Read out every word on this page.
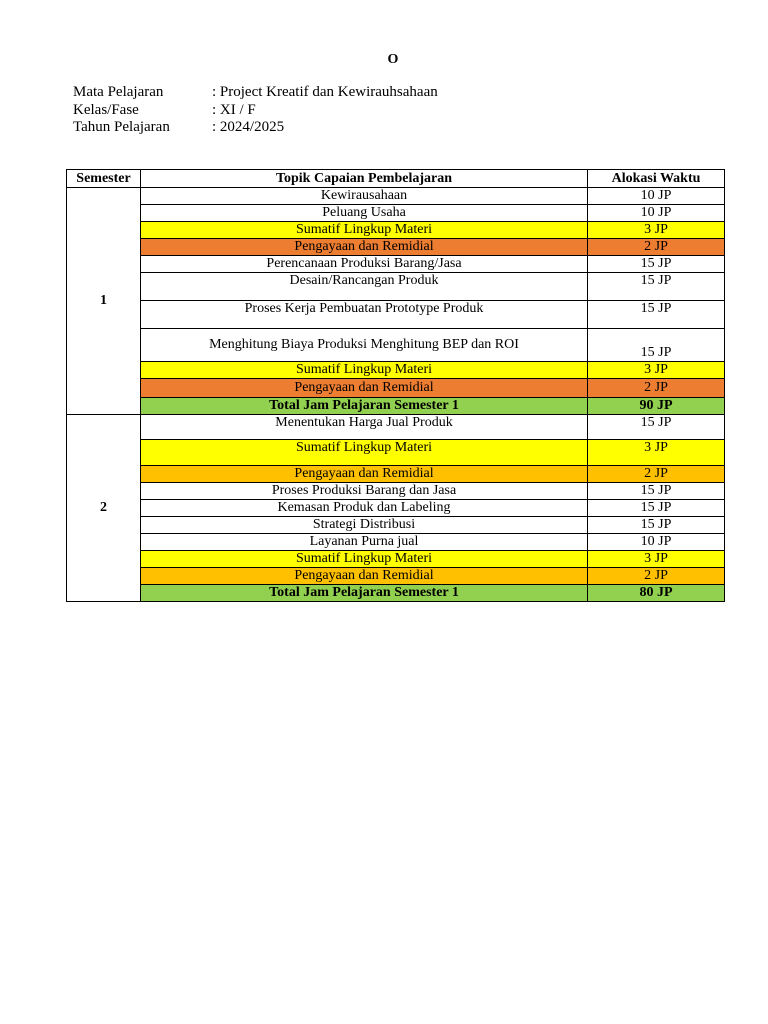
O
Mata Pelajaran	: Project Kreatif dan Kewirauhsahaan
Kelas/Fase	: XI / F
Tahun Pelajaran	: 2024/2025
Semester	Topik Capaian Pembelajaran	Alokasi Waktu
1	Kewirausahaan	10 JP
	Peluang Usaha	10 JP
	Sumatif Lingkup Materi	3 JP
	Pengayaan dan Remidial	2 JP
	Perencanaan Produksi Barang/Jasa	15 JP
	Desain/Rancangan Produk	15 JP
	Proses Kerja Pembuatan Prototype Produk	15 JP
	Menghitung Biaya Produksi Menghitung BEP dan ROI	15 JP
	Sumatif Lingkup Materi	3 JP
	Pengayaan dan Remidial	2 JP
	Total Jam Pelajaran Semester 1	90 JP
2	Menentukan Harga Jual Produk	15 JP
	Sumatif Lingkup Materi	3 JP
	Pengayaan dan Remidial	2 JP
	Proses Produksi Barang dan Jasa	15 JP
	Kemasan Produk dan Labeling	15 JP
	Strategi Distribusi	15 JP
	Layanan Purna jual	10 JP
	Sumatif Lingkup Materi	3 JP
	Pengayaan dan Remidial	2 JP
	Total Jam Pelajaran Semester 1	80 JP
